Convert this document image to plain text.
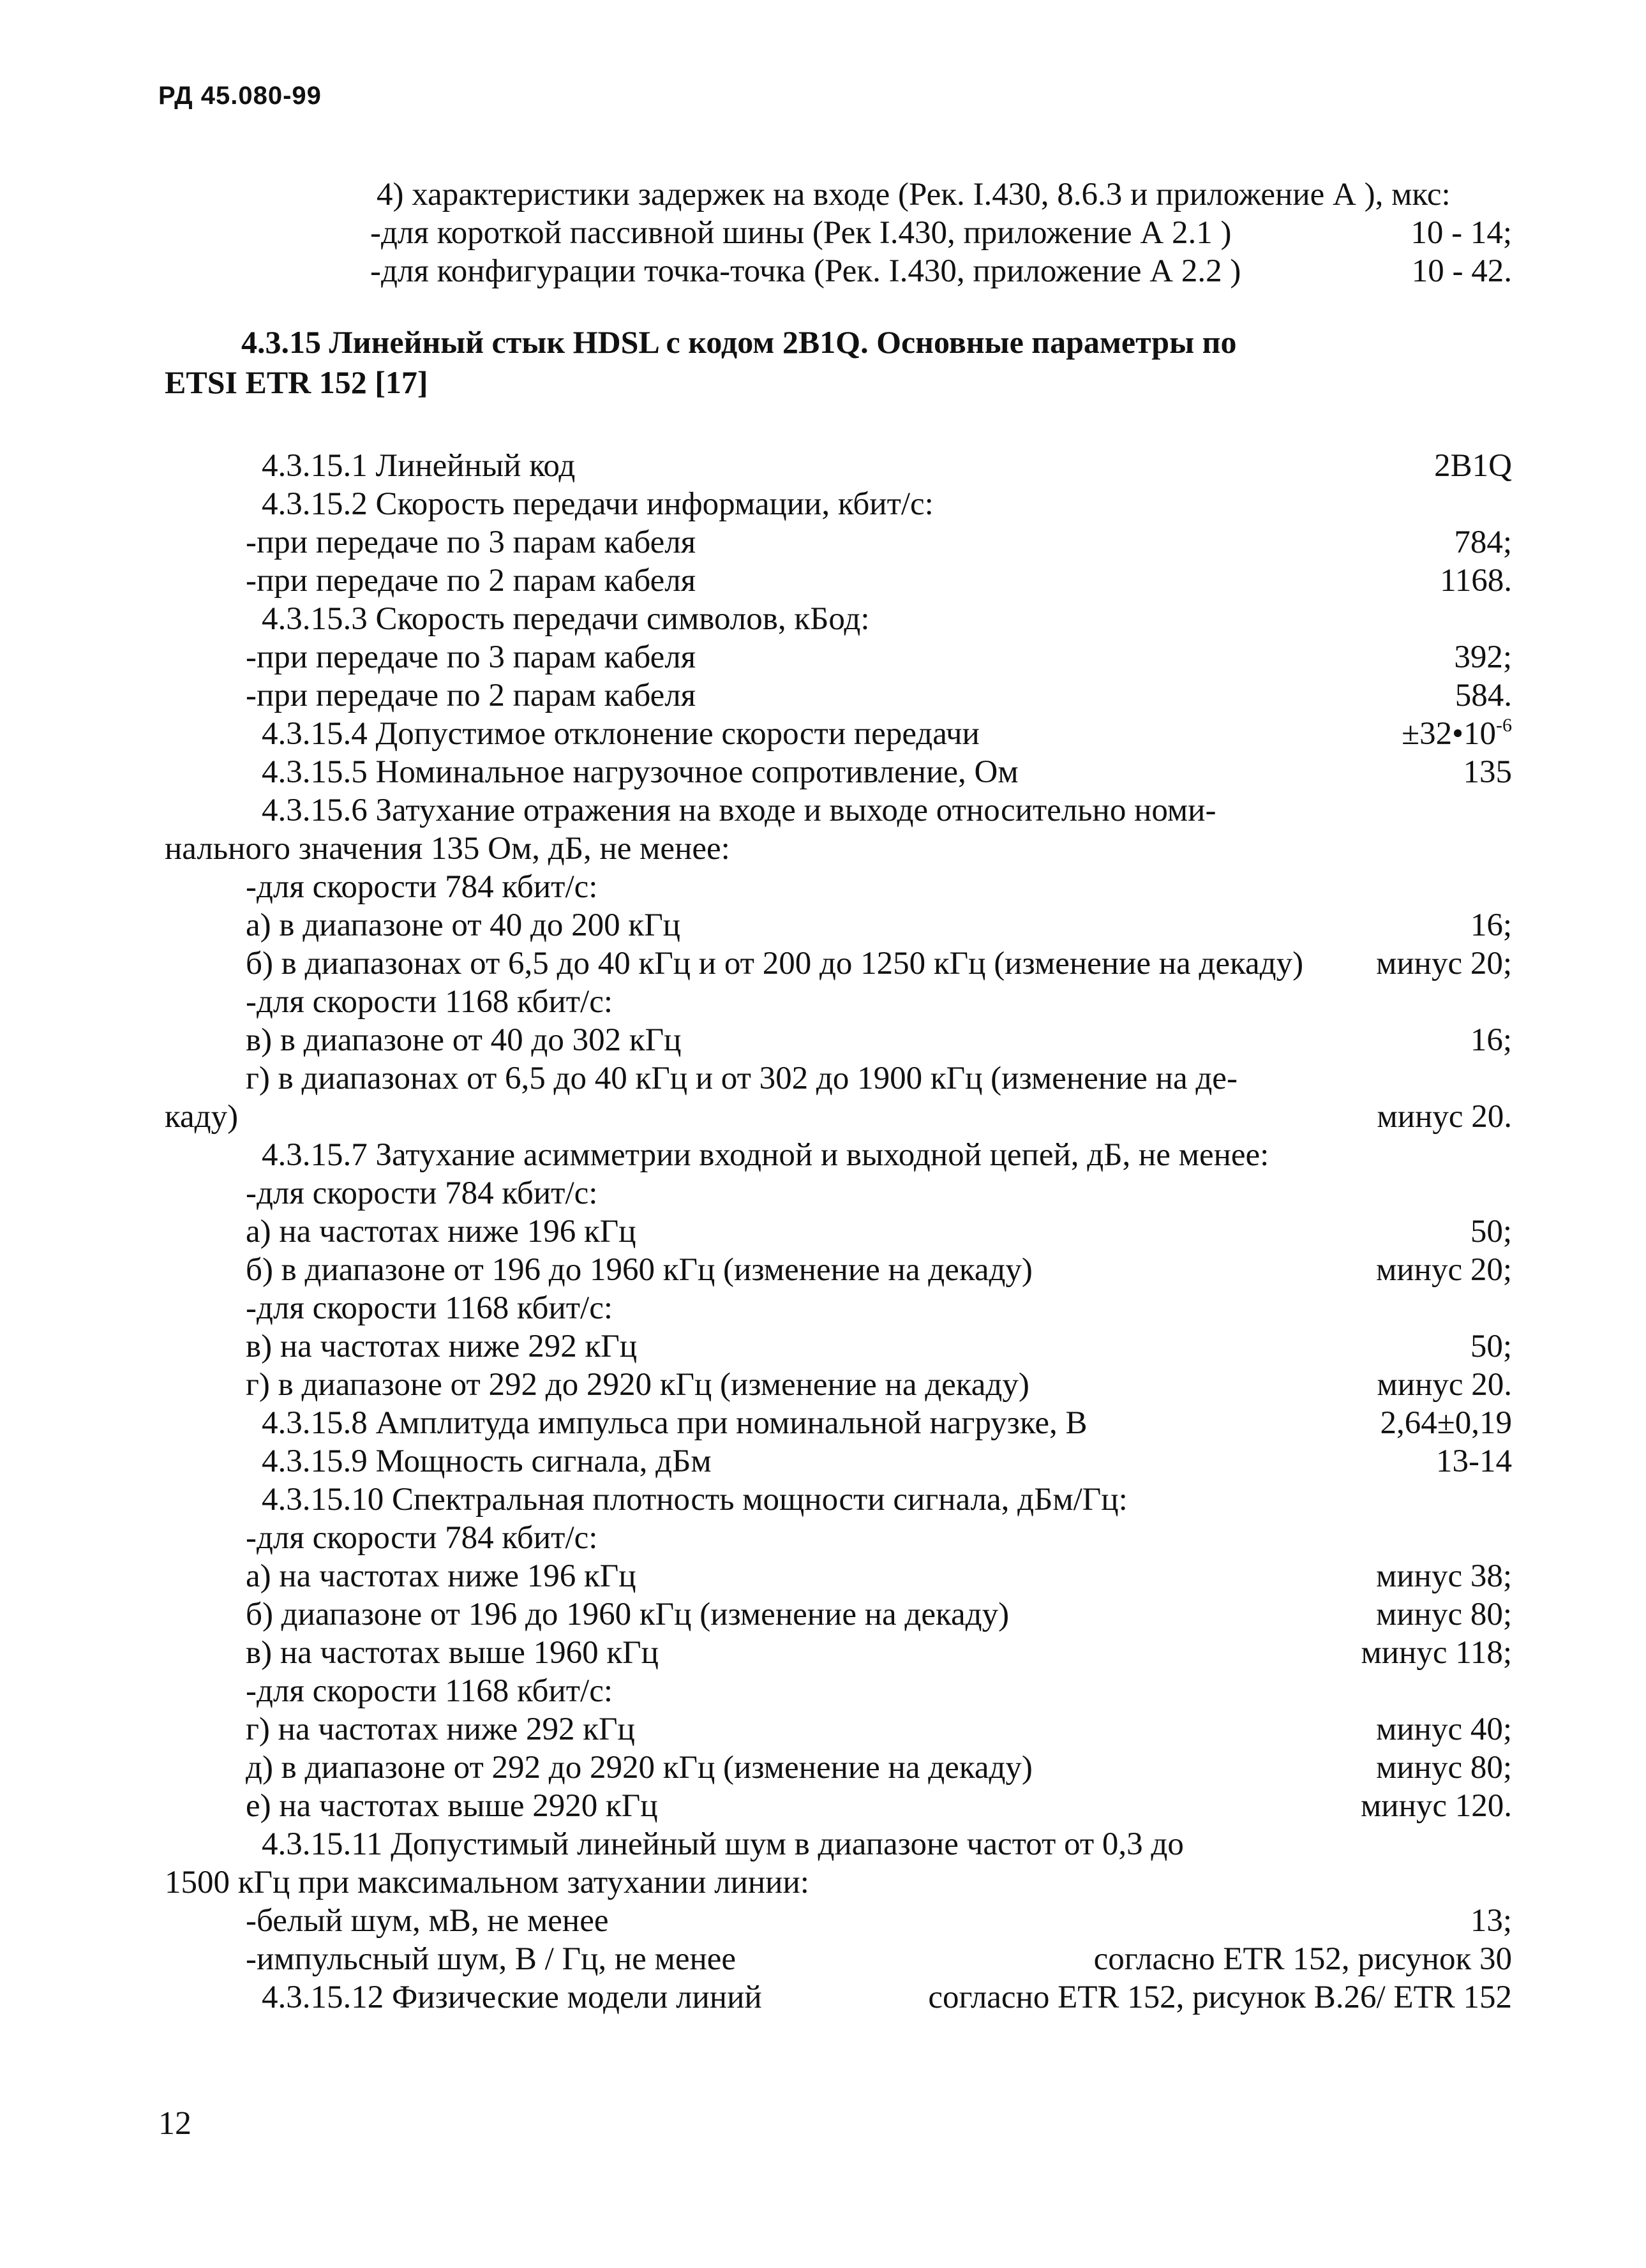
РД 45.080-99
4) характеристики задержек на входе (Рек. I.430, 8.6.3 и приложение А ), мкс:
-для короткой пассивной шины (Рек I.430, приложение А 2.1 )	10 - 14;
-для конфигурации точка-точка (Рек. I.430, приложение А 2.2 )	10 - 42.
4.3.15 Линейный стык HDSL с кодом 2B1Q. Основные параметры по
ETSI ETR 152 [17]
4.3.15.1 Линейный код	2B1Q
4.3.15.2 Скорость передачи информации, кбит/с:
-при передаче по 3 парам кабеля	784;
-при передаче по 2 парам кабеля	1168.
4.3.15.3 Скорость передачи символов, кБод:
-при передаче по 3 парам кабеля	392;
-при передаче по 2 парам кабеля	584.
4.3.15.4 Допустимое отклонение скорости передачи	$\pm 32•10^{-6}$
4.3.15.5 Номинальное нагрузочное сопротивление, Ом	135
4.3.15.6 Затухание отражения на входе и выходе относительно номи-
нального значения 135 Ом, дБ, не менее:
-для скорости 784 кбит/с:
а) в диапазоне от 40 до 200 кГц	16;
б) в диапазонах от 6,5 до 40 кГц и от 200 до 1250 кГц (изменение на декаду) минус 20;
-для скорости 1168 кбит/с:
в) в диапазоне от 40 до 302 кГц	16;
г) в диапазонах от 6,5 до 40 кГц и от 302 до 1900 кГц (изменение на де-
каду)	минус 20.
4.3.15.7 Затухание асимметрии входной и выходной цепей, дБ, не менее:
-для скорости 784 кбит/с:
а) на частотах ниже 196 кГц	50;
б) в диапазоне от 196 до 1960 кГц (изменение на декаду)	минус 20;
-для скорости 1168 кбит/с:
в) на частотах ниже 292 кГц	50;
г) в диапазоне от 292 до 2920 кГц (изменение на декаду)	минус 20.
4.3.15.8 Амплитуда импульса при номинальной нагрузке, В	2,64±0,19
4.3.15.9 Мощность сигнала, дБм	13-14
4.3.15.10 Спектральная плотность мощности сигнала, дБм/Гц:
-для скорости 784 кбит/с:
а) на частотах ниже 196 кГц	минус 38;
б) диапазоне от 196 до 1960 кГц (изменение на декаду)	минус 80;
в) на частотах выше 1960 кГц	минус 118;
-для скорости 1168 кбит/с:
г) на частотах ниже 292 кГц	минус 40;
д) в диапазоне от 292 до 2920 кГц (изменение на декаду)	минус 80;
е) на частотах выше 2920 кГц	минус 120.
4.3.15.11 Допустимый линейный шум в диапазоне частот от 0,3 до
1500 кГц при максимальном затухании линии:
-белый шум, мВ, не менее	13;
-импульсный шум, В / Гц, не менее	согласно ETR 152, рисунок 30
4.3.15.12 Физические модели линий	согласно ETR 152, рисунок В.26/ ETR 152
12
